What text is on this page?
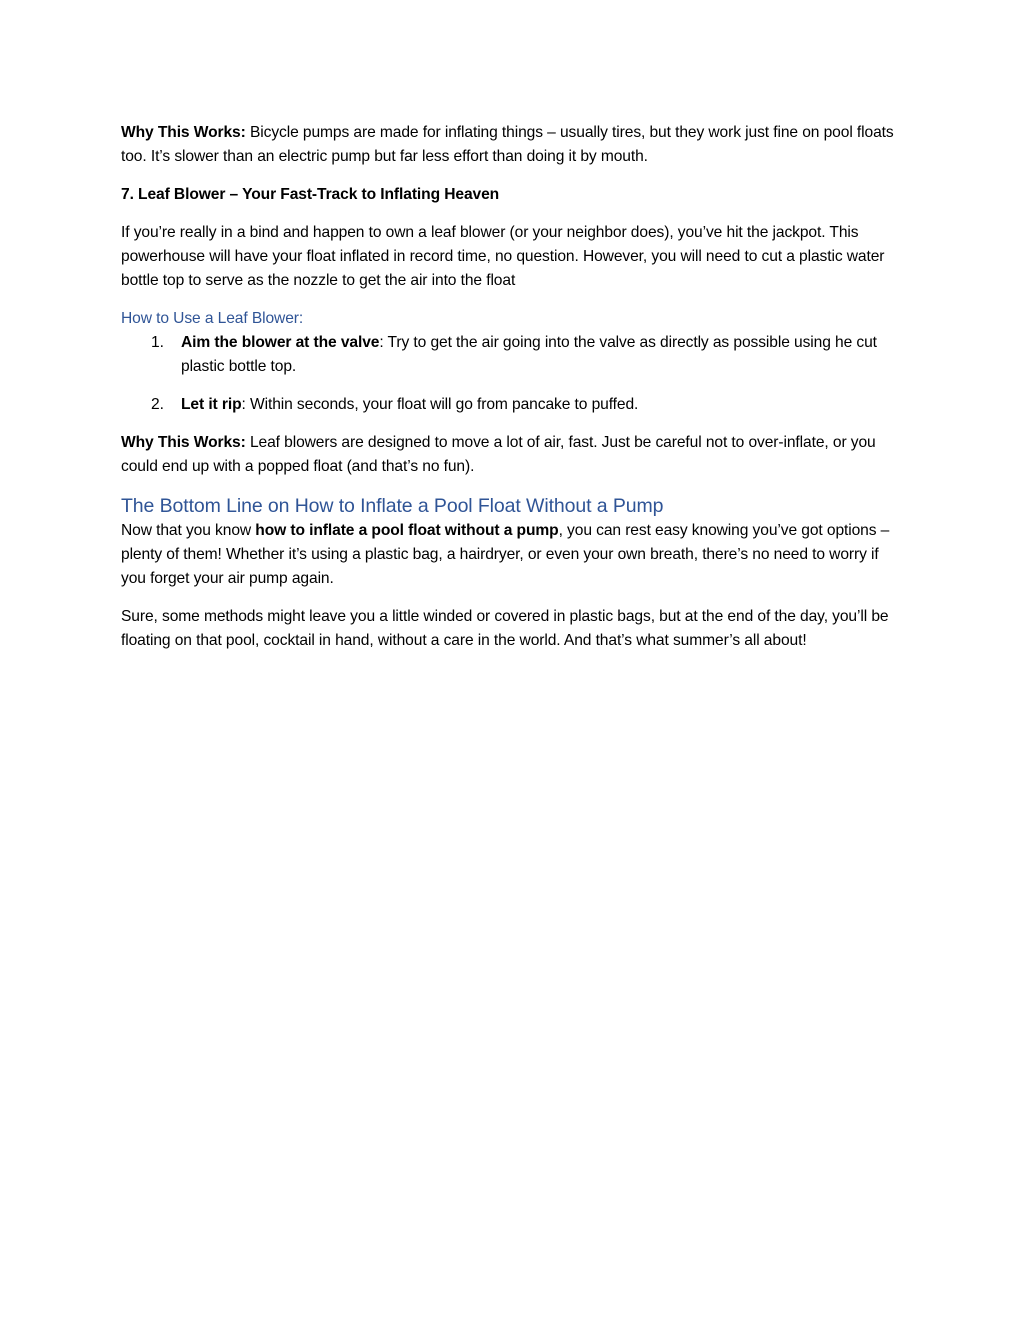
Why This Works: Bicycle pumps are made for inflating things – usually tires, but they work just fine on pool floats too. It’s slower than an electric pump but far less effort than doing it by mouth.

7. Leaf Blower – Your Fast-Track to Inflating Heaven

If you’re really in a bind and happen to own a leaf blower (or your neighbor does), you’ve hit the jackpot. This powerhouse will have your float inflated in record time, no question. However, you will need to cut a plastic water bottle top to serve as the nozzle to get the air into the float

How to Use a Leaf Blower:
1. Aim the blower at the valve: Try to get the air going into the valve as directly as possible using he cut plastic bottle top.
2. Let it rip: Within seconds, your float will go from pancake to puffed.

Why This Works: Leaf blowers are designed to move a lot of air, fast. Just be careful not to over-inflate, or you could end up with a popped float (and that’s no fun).

The Bottom Line on How to Inflate a Pool Float Without a Pump

Now that you know how to inflate a pool float without a pump, you can rest easy knowing you’ve got options – plenty of them! Whether it’s using a plastic bag, a hairdryer, or even your own breath, there’s no need to worry if you forget your air pump again.

Sure, some methods might leave you a little winded or covered in plastic bags, but at the end of the day, you’ll be floating on that pool, cocktail in hand, without a care in the world. And that’s what summer’s all about!
